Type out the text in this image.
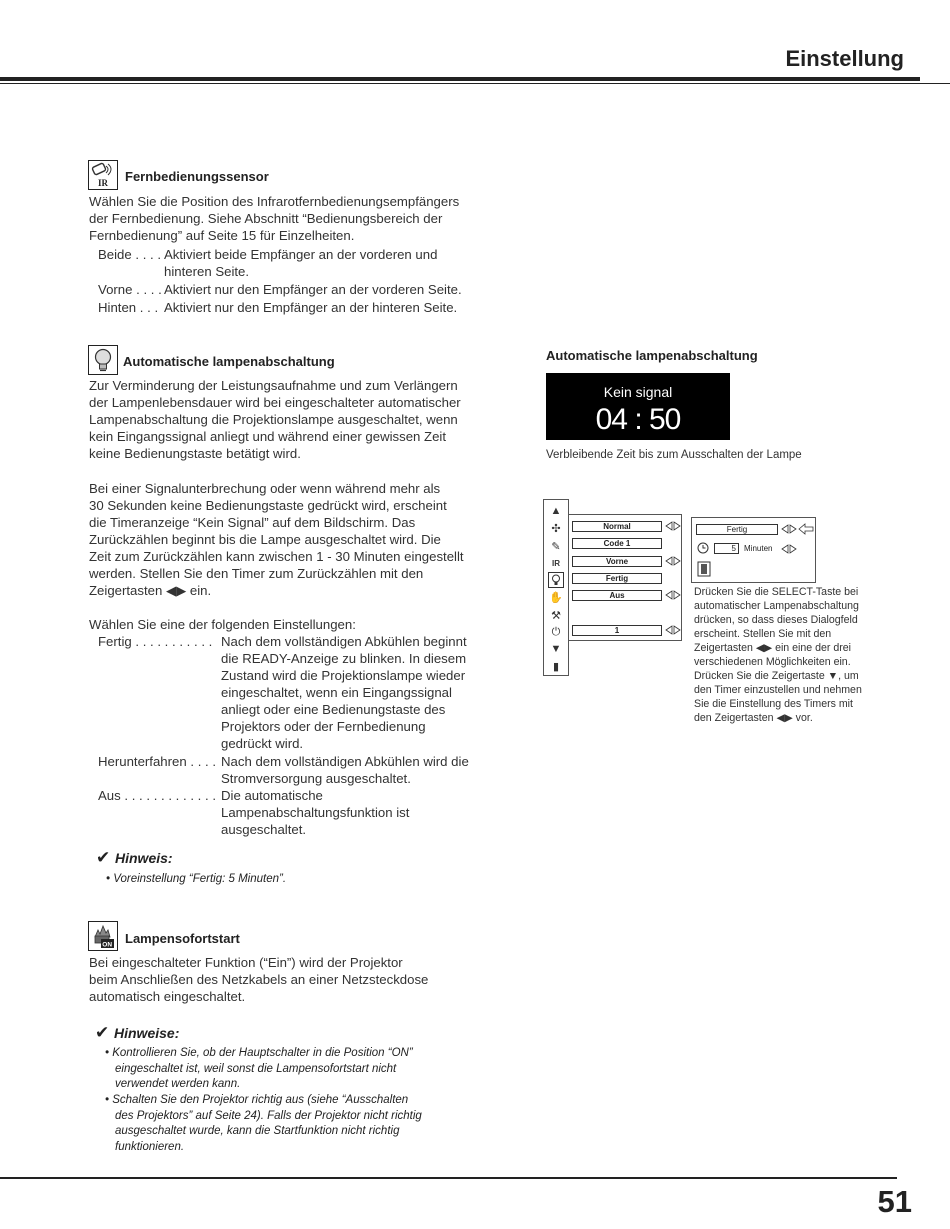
Einstellung
IR Fernbedienungssensor
Wählen Sie die Position des Infrarotfernbedienungsempfängers
der Fernbedienung. Siehe Abschnitt “Bedienungsbereich der
Fernbedienung” auf Seite 15 für Einzelheiten.
Beide . . . . Aktiviert beide Empfänger an der vorderen und
hinteren Seite.
Vorne . . . . Aktiviert nur den Empfänger an der vorderen Seite.
Hinten . . . Aktiviert nur den Empfänger an der hinteren Seite.
Automatische lampenabschaltung
Zur Verminderung der Leistungsaufnahme und zum Verlängern
der Lampenlebensdauer wird bei eingeschalteter automatischer
Lampenabschaltung die Projektionslampe ausgeschaltet, wenn
kein Eingangssignal anliegt und während einer gewissen Zeit
keine Bedienungstaste betätigt wird.
Bei einer Signalunterbrechung oder wenn während mehr als
30 Sekunden keine Bedienungstaste gedrückt wird, erscheint
die Timeranzeige “Kein Signal” auf dem Bildschirm. Das
Zurückzählen beginnt bis die Lampe ausgeschaltet wird. Die
Zeit zum Zurückzählen kann zwischen 1 - 30 Minuten eingestellt
werden. Stellen Sie den Timer zum Zurückzählen mit den
Zeigertasten ◀▶ ein.
Wählen Sie eine der folgenden Einstellungen:
Fertig . . . . . . . . . . . Nach dem vollständigen Abkühlen beginnt
die READY-Anzeige zu blinken. In diesem
Zustand wird die Projektionslampe wieder
eingeschaltet, wenn ein Eingangssignal
anliegt oder eine Bedienungstaste des
Projektors oder der Fernbedienung
gedrückt wird.
Herunterfahren . . . . Nach dem vollständigen Abkühlen wird die
Stromversorgung ausgeschaltet.
Aus . . . . . . . . . . . . . Die automatische
Lampenabschaltungsfunktion ist
ausgeschaltet.
✔ Hinweis:
• Voreinstellung “Fertig: 5 Minuten”.
ON Lampensofortstart
Bei eingeschalteter Funktion (“Ein”) wird der Projektor
beim Anschließen des Netzkabels an einer Netzsteckdose
automatisch eingeschaltet.
✔ Hinweise:
• Kontrollieren Sie, ob der Hauptschalter in die Position “ON”
eingeschaltet ist, weil sonst die Lampensofortstart nicht
verwendet werden kann.
• Schalten Sie den Projektor richtig aus (siehe “Ausschalten
des Projektors” auf Seite 24). Falls der Projektor nicht richtig
ausgeschaltet wurde, kann die Startfunktion nicht richtig
funktionieren.
Automatische lampenabschaltung
Kein signal
04 : 50
Verbleibende Zeit bis zum Ausschalten der Lampe
▲
✣
✎
IR
✋
⚒
⏻
▼
▮
Normal
Code 1
Vorne
Fertig
Aus
1
Fertig
5	Minuten
Drücken Sie die SELECT-Taste bei
automatischer Lampenabschaltung
drücken, so dass dieses Dialogfeld
erscheint. Stellen Sie mit den
Zeigertasten ◀▶ ein eine der drei
verschiedenen Möglichkeiten ein.
Drücken Sie die Zeigertaste ▼, um
den Timer einzustellen und nehmen
Sie die Einstellung des Timers mit
den Zeigertasten ◀▶ vor.
51
